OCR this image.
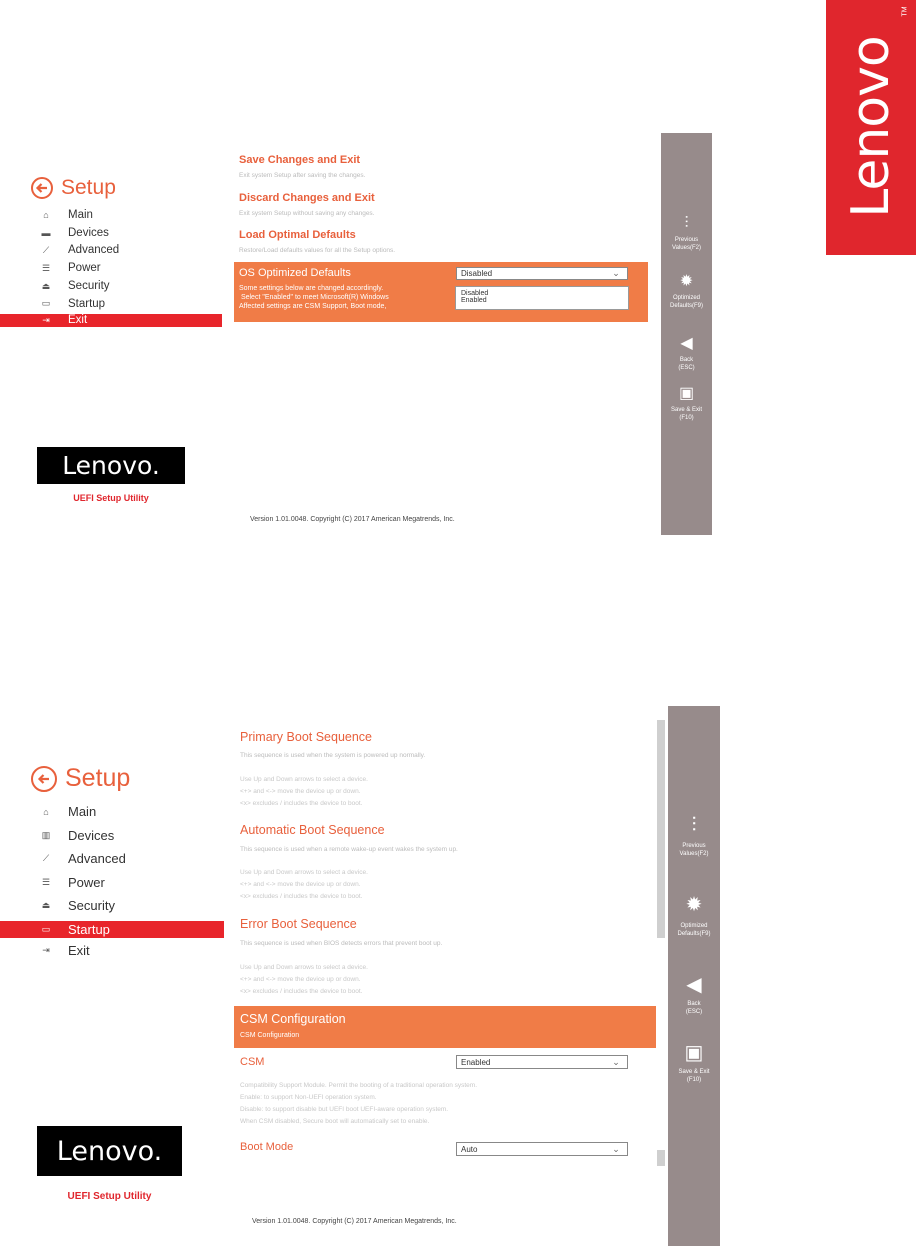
Lenovo
TM
Setup
⌂	Main
▬	Devices
⟋	Advanced
☰	Power
⏏	Security
▭	Startup
⇥	Exit
Lenovo.
UEFI Setup Utility
Save Changes and Exit
Exit system Setup after saving the changes.
Discard Changes and Exit
Exit system Setup without saving any changes.
Load Optimal Defaults
Restore/Load defaults values for all the Setup options.
OS Optimized Defaults
Some settings below are changed accordingly.
Select "Enabled" to meet Microsoft(R) Windows
Affected settings are CSM Support, Boot mode,
Disabled	⌄
Disabled
Enabled
Version 1.01.0048. Copyright (C) 2017 American Megatrends, Inc.
⫶
Previous
Values(F2)
✹
Optimized
Defaults(F9)
◀
Back
(ESC)
▣
Save & Exit
(F10)
Setup
⌂	Main
▥ Devices
⟋	Advanced
☰	Power
⏏ Security
▭ Startup
⇥	Exit
Lenovo.
UEFI Setup Utility
Primary Boot Sequence
This sequence is used when the system is powered up normally.
Use Up and Down arrows to select a device.
<+> and <-> move the device up or down.
<x> excludes / includes the device to boot.
Automatic Boot Sequence
This sequence is used when a remote wake-up event wakes the system up.
Use Up and Down arrows to select a device.
<+> and <-> move the device up or down.
<x> excludes / includes the device to boot.
Error Boot Sequence
This sequence is used when BIOS detects errors that prevent boot up.
Use Up and Down arrows to select a device.
<+> and <-> move the device up or down.
<x> excludes / includes the device to boot.
CSM Configuration
CSM Configuration
CSM	Enabled	⌄
Compatibility Support Module. Permit the booting of a traditional operation system.
Enable: to support Non-UEFI operation system.
Disable: to support disable but UEFI boot UEFI-aware operation system.
When CSM disabled, Secure boot will automatically set to enable.
Boot Mode	Auto	⌄
Version 1.01.0048. Copyright (C) 2017 American Megatrends, Inc.
⫶
Previous
Values(F2)
✹
Optimized
Defaults(F9)
◀
Back
(ESC)
▣
Save & Exit
(F10)
